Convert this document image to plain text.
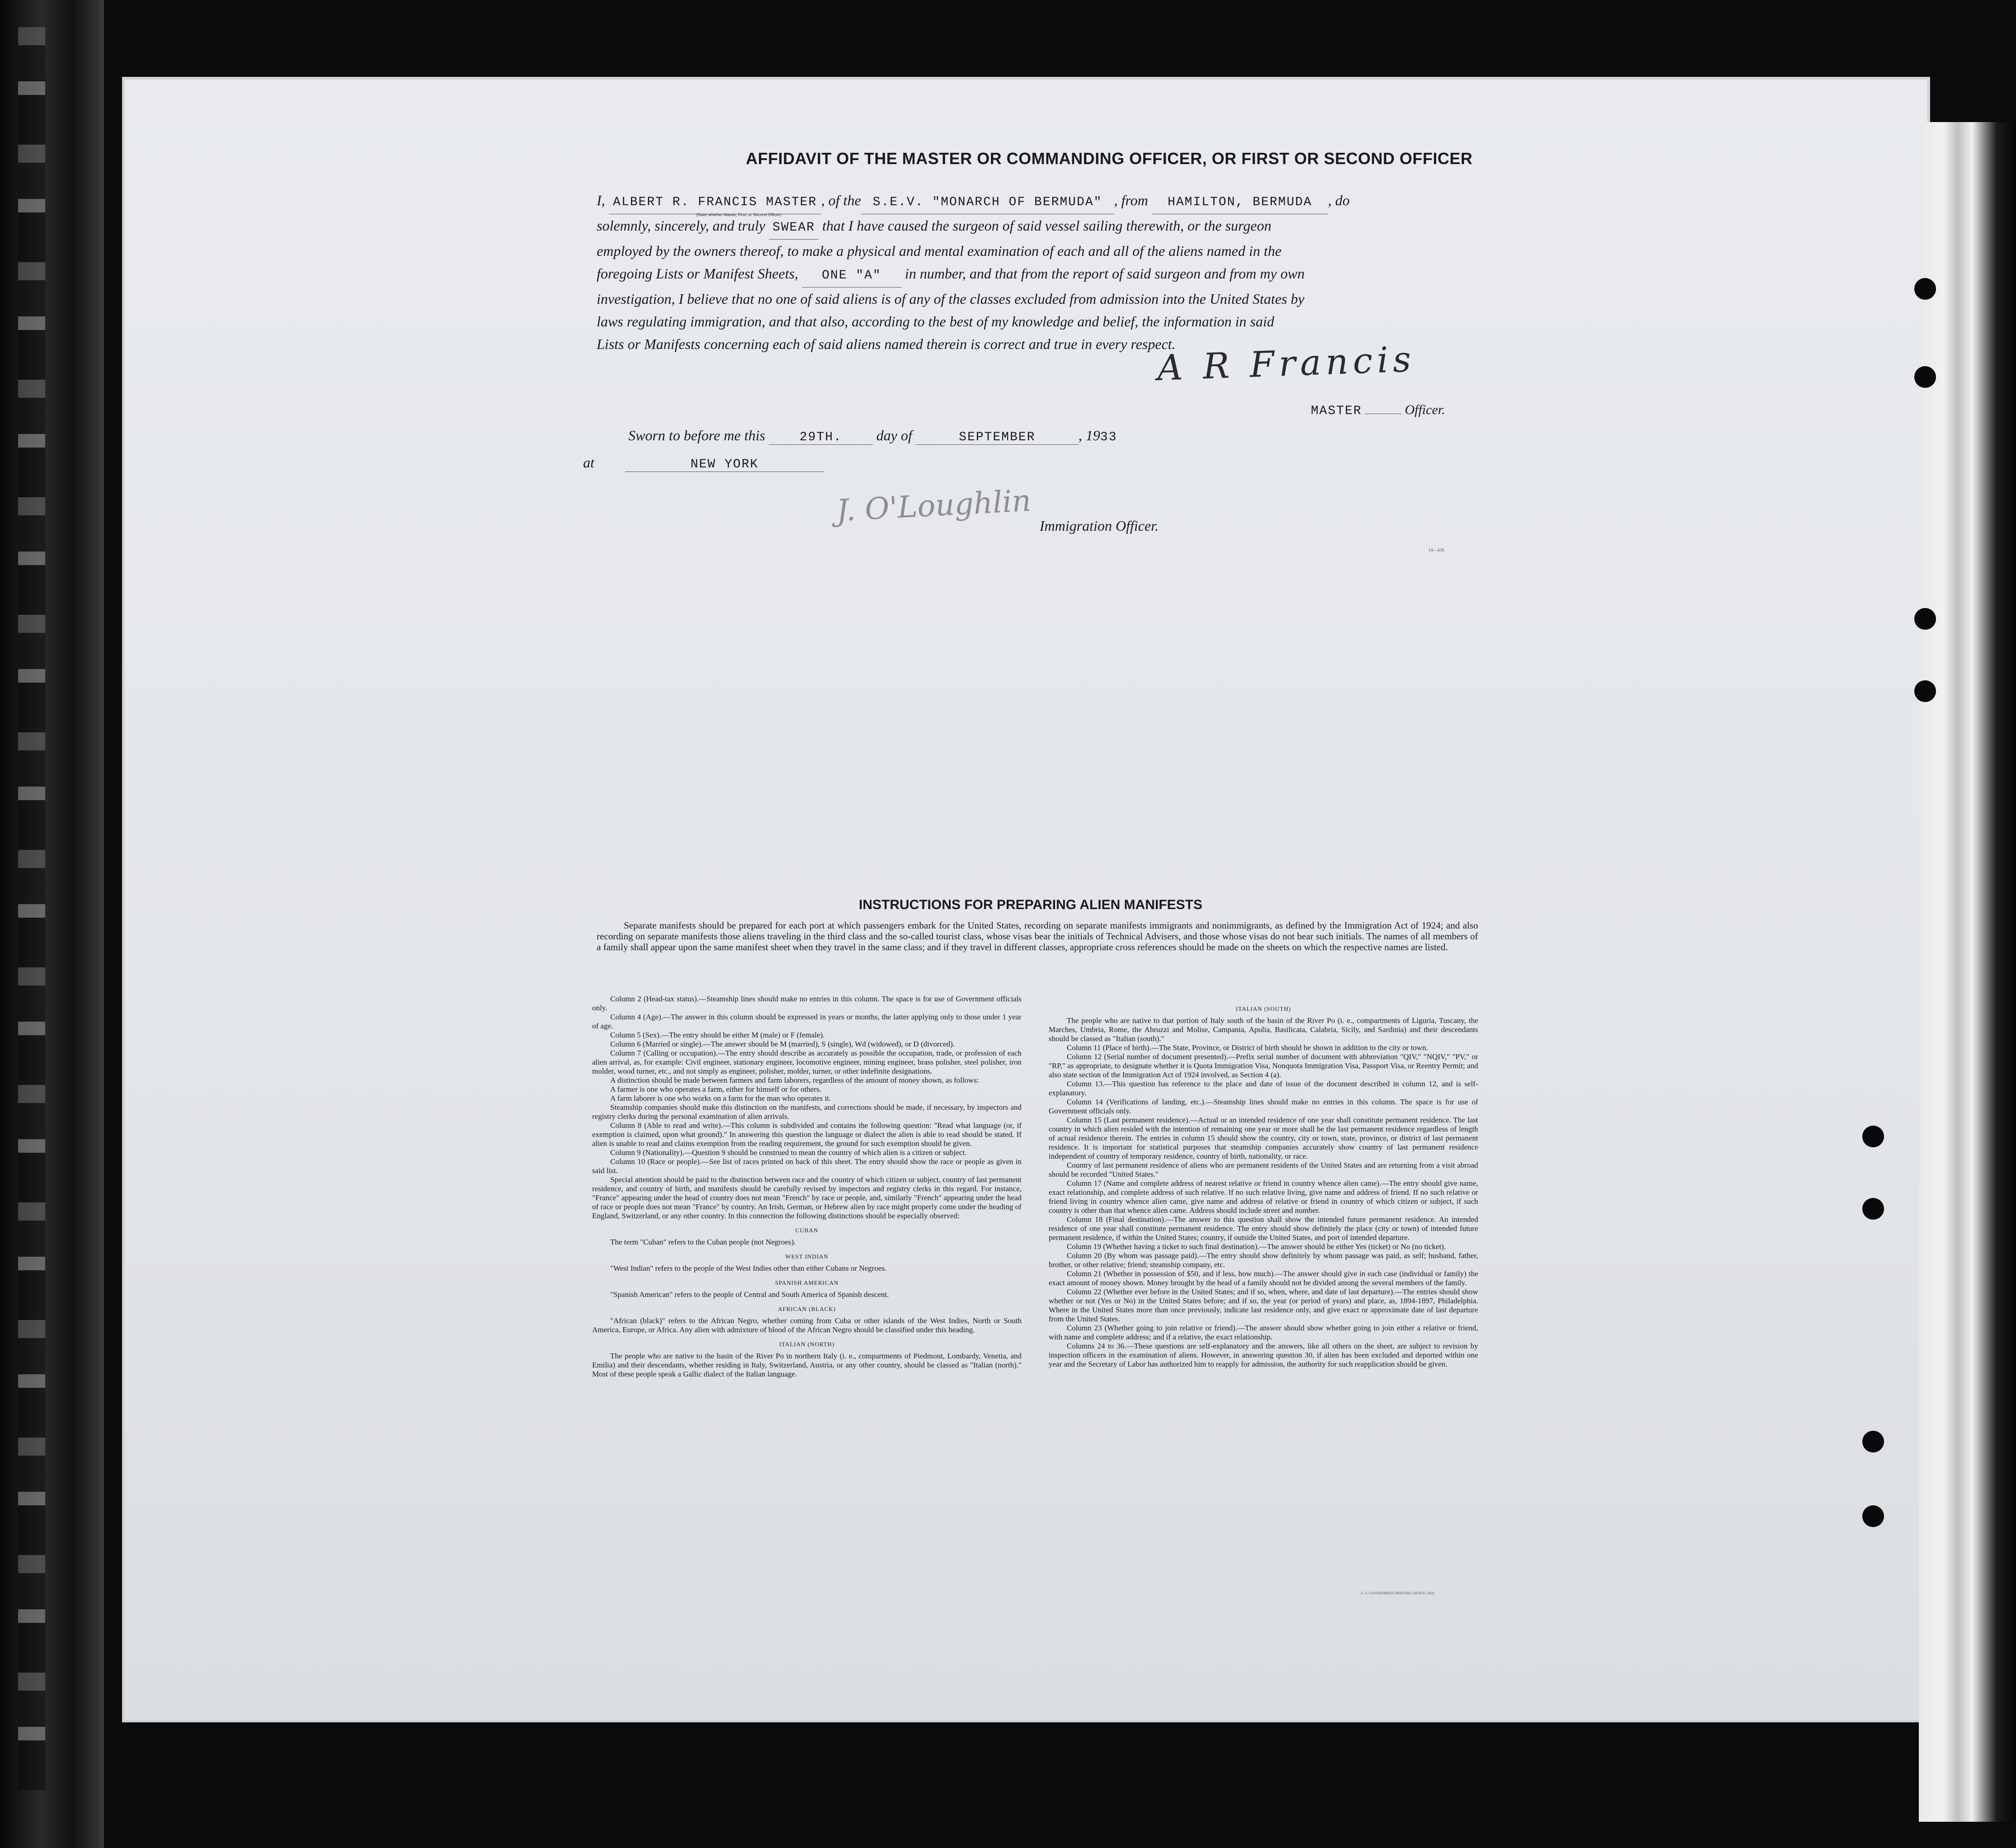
AFFIDAVIT OF THE MASTER OR COMMANDING OFFICER, OR FIRST OR SECOND OFFICER
I, ALBERT R. FRANCIS MASTER , of the S.E.V. "MONARCH OF BERMUDA" , from HAMILTON, BERMUDA , do
solemnly, sincerely, and truly SWEAR that I have caused the surgeon of said vessel sailing therewith, or the surgeon
employed by the owners thereof, to make a physical and mental examination of each and all of the aliens named in the
foregoing Lists or Manifest Sheets, ONE "A" in number, and that from the report of said surgeon and from my own
investigation, I believe that no one of said aliens is of any of the classes excluded from admission into the United States by
laws regulating immigration, and that also, according to the best of my knowledge and belief, the information in said
Lists or Manifests concerning each of said aliens named therein is correct and true in every respect.
(State whether Master, First, or Second Officer)
A R Francis
MASTER	Officer.
Sworn to before me this	29TH. day of	SEPTEMBER	, 1933
at	NEW YORK
J. O'Loughlin Immigration Officer.
14—436
INSTRUCTIONS FOR PREPARING ALIEN MANIFESTS
Separate manifests should be prepared for each port at which passengers embark for the United States, recording on separate manifests immigrants and nonimmigrants, as defined by the Immigration Act of 1924; and also recording on separate manifests those aliens traveling in the third class and the so-called tourist class, whose visas bear the initials of Technical Advisers, and those whose visas do not bear such initials. The names of all members of a family shall appear upon the same manifest sheet when they travel in the same class; and if they travel in different classes, appropriate cross references should be made on the sheets on which the respective names are listed.

Column 2 (Head-tax status).—Steamship lines should make no entries in this column. The space is for use of Government officials only.

Column 4 (Age).—The answer in this column should be expressed in years or months, the latter applying only to those under 1 year of age.

Column 5 (Sex).—The entry should be either M (male) or F (female).

Column 6 (Married or single).—The answer should be M (married), S (single), Wd (widowed), or D (divorced).

Column 7 (Calling or occupation).—The entry should describe as accurately as possible the occupation, trade, or profession of each alien arrival, as, for example: Civil engineer, stationary engineer, locomotive engineer, mining engineer, brass polisher, steel polisher, iron molder, wood turner, etc., and not simply as engineer, polisher, molder, turner, or other indefinite designations.

A distinction should be made between farmers and farm laborers, regardless of the amount of money shown, as follows:

A farmer is one who operates a farm, either for himself or for others.

A farm laborer is one who works on a farm for the man who operates it.

Steamship companies should make this distinction on the manifests, and corrections should be made, if necessary, by inspectors and registry clerks during the personal examination of alien arrivals.

Column 8 (Able to read and write).—This column is subdivided and contains the following question: "Read what language (or, if exemption is claimed, upon what ground)." In answering this question the language or dialect the alien is able to read should be stated. If alien is unable to read and claims exemption from the reading requirement, the ground for such exemption should be given.

Column 9 (Nationality).—Question 9 should be construed to mean the country of which alien is a citizen or subject.

Column 10 (Race or people).—See list of races printed on back of this sheet. The entry should show the race or people as given in said list.

Special attention should be paid to the distinction between race and the country of which citizen or subject, country of last permanent residence, and country of birth, and manifests should be carefully revised by inspectors and registry clerks in this regard. For instance, "France" appearing under the head of country does not mean "French" by race or people, and, similarly "French" appearing under the head of race or people does not mean "France" by country. An Irish, German, or Hebrew alien by race might properly come under the heading of England, Switzerland, or any other country. In this connection the following distinctions should be especially observed:

CUBAN

The term "Cuban" refers to the Cuban people (not Negroes).

WEST INDIAN

"West Indian" refers to the people of the West Indies other than either Cubans or Negroes.

SPANISH AMERICAN

"Spanish American" refers to the people of Central and South America of Spanish descent.

AFRICAN (BLACK)

"African (black)" refers to the African Negro, whether coming from Cuba or other islands of the West Indies, North or South America, Europe, or Africa. Any alien with admixture of blood of the African Negro should be classified under this heading.

ITALIAN (NORTH)

The people who are native to the basin of the River Po in northern Italy (i. e., compartments of Piedmont, Lombardy, Venetia, and Emilia) and their descendants, whether residing in Italy, Switzerland, Austria, or any other country, should be classed as "Italian (north)." Most of these people speak a Gallic dialect of the Italian language.

ITALIAN (SOUTH)

The people who are native to that portion of Italy south of the basin of the River Po (i. e., compartments of Liguria, Tuscany, the Marches, Umbria, Rome, the Abruzzi and Molise, Campania, Apulia, Basilicata, Calabria, Sicily, and Sardinia) and their descendants should be classed as "Italian (south)."

Column 11 (Place of birth).—The State, Province, or District of birth should be shown in addition to the city or town.

Column 12 (Serial number of document presented).—Prefix serial number of document with abbreviation "QIV," "NQIV," "PV," or "RP," as appropriate, to designate whether it is Quota Immigration Visa, Nonquota Immigration Visa, Passport Visa, or Reentry Permit; and also state section of the Immigration Act of 1924 involved, as Section 4 (a).

Column 13.—This question has reference to the place and date of issue of the document described in column 12, and is self-explanatory.

Column 14 (Verifications of landing, etc.).—Steamship lines should make no entries in this column. The space is for use of Government officials only.

Column 15 (Last permanent residence).—Actual or an intended residence of one year shall constitute permanent residence. The last country in which alien resided with the intention of remaining one year or more shall be the last permanent residence regardless of length of actual residence therein. The entries in column 15 should show the country, city or town, state, province, or district of last permanent residence. It is important for statistical purposes that steamship companies accurately show country of last permanent residence independent of country of temporary residence, country of birth, nationality, or race.

Country of last permanent residence of aliens who are permanent residents of the United States and are returning from a visit abroad should be recorded "United States."

Column 17 (Name and complete address of nearest relative or friend in country whence alien came).—The entry should give name, exact relationship, and complete address of such relative. If no such relative living, give name and address of friend. If no such relative or friend living in country whence alien came, give name and address of relative or friend in country of which citizen or subject, if such country is other than that whence alien came. Address should include street and number.

Column 18 (Final destination).—The answer to this question shall show the intended future permanent residence. An intended residence of one year shall constitute permanent residence. The entry should show definitely the place (city or town) of intended future permanent residence, if within the United States; country, if outside the United States, and port of intended departure.

Column 19 (Whether having a ticket to such final destination).—The answer should be either Yes (ticket) or No (no ticket).

Column 20 (By whom was passage paid).—The entry should show definitely by whom passage was paid, as self; husband, father, brother, or other relative; friend; steamship company, etc.

Column 21 (Whether in possession of $50, and if less, how much).—The answer should give in each case (individual or family) the exact amount of money shown. Money brought by the head of a family should not be divided among the several members of the family.

Column 22 (Whether ever before in the United States; and if so, when, where, and date of last departure).—The entries should show whether or not (Yes or No) in the United States before; and if so, the year (or period of years) and place, as, 1894-1897, Philadelphia. Where in the United States more than once previously, indicate last residence only, and give exact or approximate date of last departure from the United States.

Column 23 (Whether going to join relative or friend).—The answer should show whether going to join either a relative or friend, with name and complete address; and if a relative, the exact relationship.

Columns 24 to 36.—These questions are self-explanatory and the answers, like all others on the sheet, are subject to revision by inspection officers in the examination of aliens. However, in answering question 30, if alien has been excluded and deported within one year and the Secretary of Labor has authorized him to reapply for admission, the authority for such reapplication should be given.

U. S. GOVERNMENT PRINTING OFFICE: 1932
